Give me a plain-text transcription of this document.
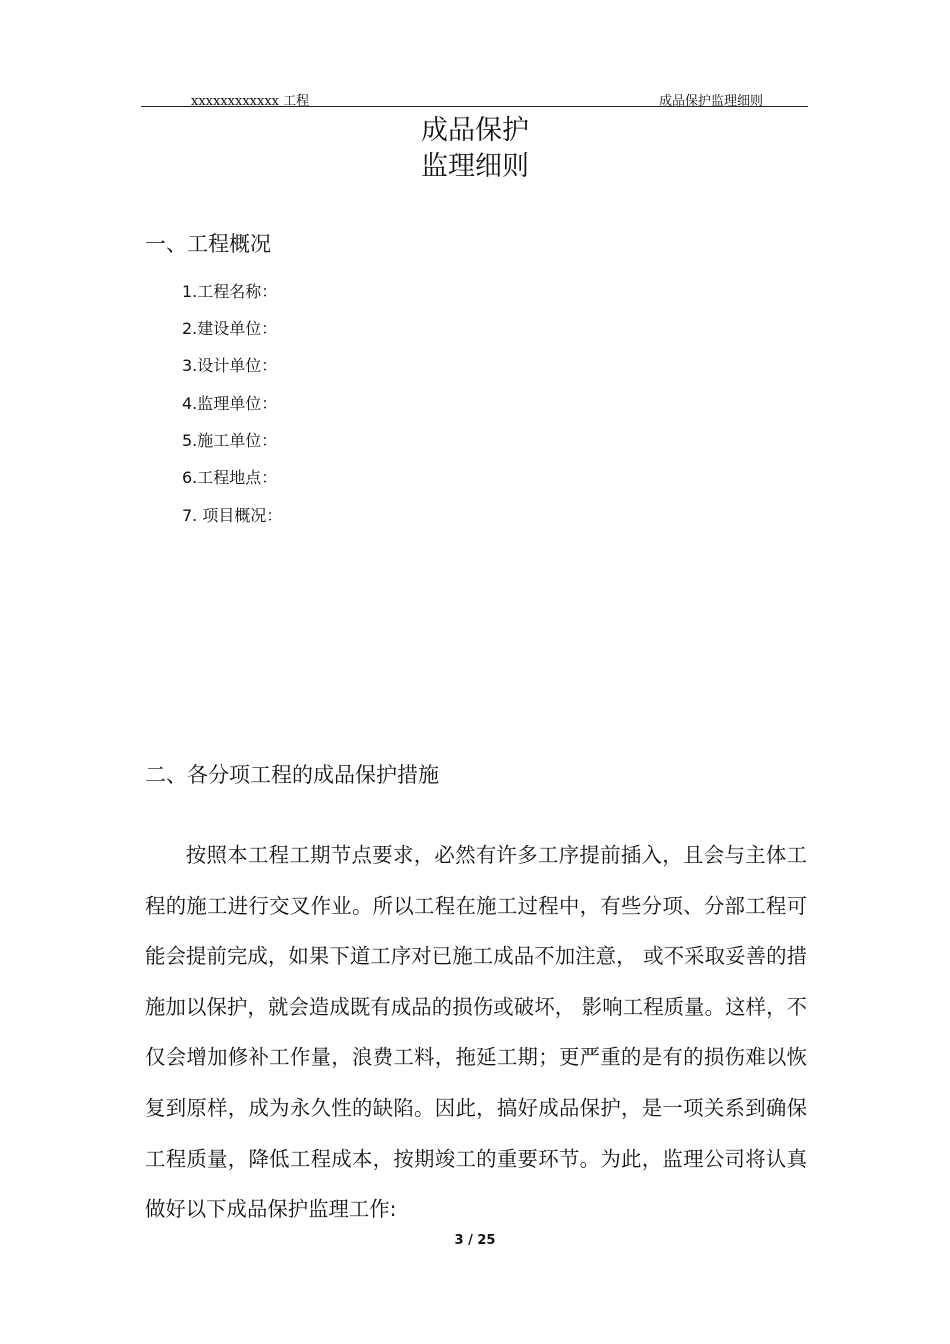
xxxxxxxxxxxx 工程	成品保护监理细则
成品保护
监理细则
一、工程概况
1.工程名称：
2.建设单位：
3.设计单位：
4.监理单位：
5.施工单位：
6.工程地点：
7. 项目概况：
二、各分项工程的成品保护措施
按照本工程工期节点要求，必然有许多工序提前插入，且会与主体工程的施工进行交叉作业。所以工程在施工过程中，有些分项、分部工程可能会提前完成，如果下道工序对已施工成品不加注意， 或不采取妥善的措施加以保护，就会造成既有成品的损伤或破坏， 影响工程质量。这样，不仅会增加修补工作量，浪费工料，拖延工期；更严重的是有的损伤难以恢复到原样，成为永久性的缺陷。因此，搞好成品保护，是一项关系到确保工程质量，降低工程成本，按期竣工的重要环节。为此，监理公司将认真做好以下成品保护监理工作:
3 / 25
